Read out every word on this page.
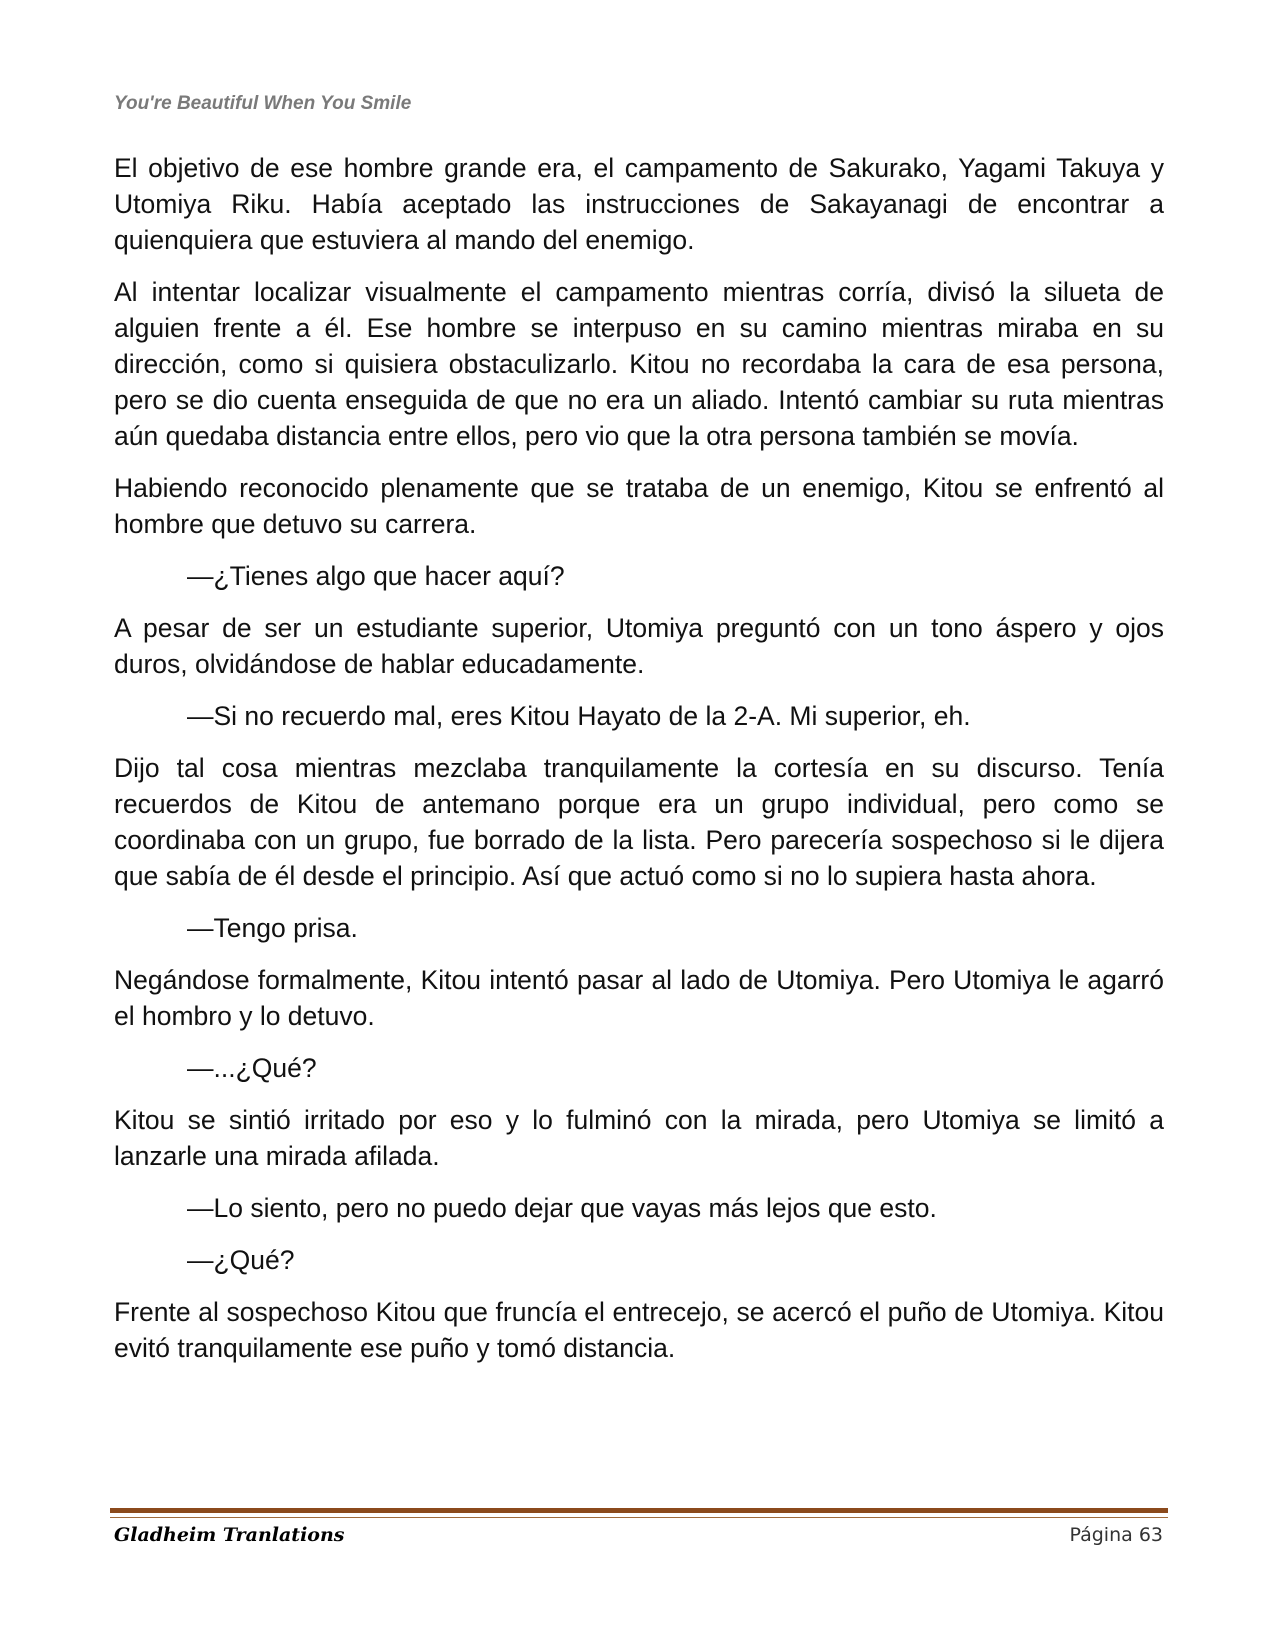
You're Beautiful When You Smile

El objetivo de ese hombre grande era, el campamento de Sakurako, Yagami Takuya y Utomiya Riku. Había aceptado las instrucciones de Sakayanagi de encontrar a quienquiera que estuviera al mando del enemigo.

Al intentar localizar visualmente el campamento mientras corría, divisó la silueta de alguien frente a él. Ese hombre se interpuso en su camino mientras miraba en su dirección, como si quisiera obstaculizarlo. Kitou no recordaba la cara de esa persona, pero se dio cuenta enseguida de que no era un aliado. Intentó cambiar su ruta mientras aún quedaba distancia entre ellos, pero vio que la otra persona también se movía.

Habiendo reconocido plenamente que se trataba de un enemigo, Kitou se enfrentó al hombre que detuvo su carrera.

—¿Tienes algo que hacer aquí?

A pesar de ser un estudiante superior, Utomiya preguntó con un tono áspero y ojos duros, olvidándose de hablar educadamente.

—Si no recuerdo mal, eres Kitou Hayato de la 2-A. Mi superior, eh.

Dijo tal cosa mientras mezclaba tranquilamente la cortesía en su discurso. Tenía recuerdos de Kitou de antemano porque era un grupo individual, pero como se coordinaba con un grupo, fue borrado de la lista. Pero parecería sospechoso si le dijera que sabía de él desde el principio. Así que actuó como si no lo supiera hasta ahora.

—Tengo prisa.

Negándose formalmente, Kitou intentó pasar al lado de Utomiya. Pero Utomiya le agarró el hombro y lo detuvo.

—...¿Qué?

Kitou se sintió irritado por eso y lo fulminó con la mirada, pero Utomiya se limitó a lanzarle una mirada afilada.

—Lo siento, pero no puedo dejar que vayas más lejos que esto.

—¿Qué?

Frente al sospechoso Kitou que fruncía el entrecejo, se acercó el puño de Utomiya. Kitou evitó tranquilamente ese puño y tomó distancia.

Gladheim Tranlations	Página 63
